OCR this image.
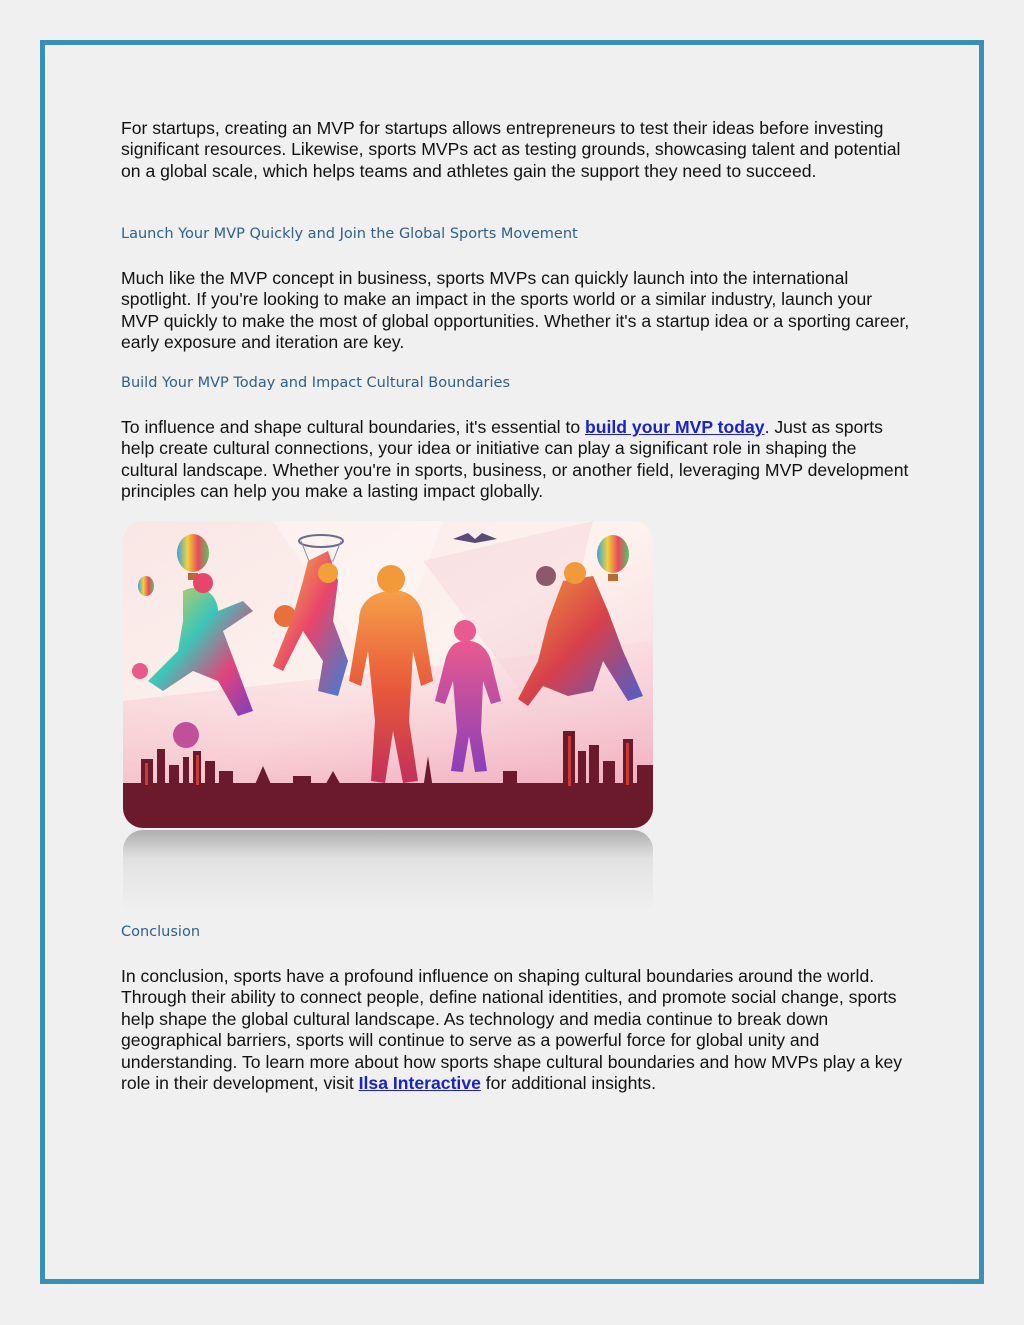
For startups, creating an MVP for startups allows entrepreneurs to test their ideas before investing significant resources. Likewise, sports MVPs act as testing grounds, showcasing talent and potential on a global scale, which helps teams and athletes gain the support they need to succeed.

Launch Your MVP Quickly and Join the Global Sports Movement

Much like the MVP concept in business, sports MVPs can quickly launch into the international spotlight. If you're looking to make an impact in the sports world or a similar industry, launch your MVP quickly to make the most of global opportunities. Whether it's a startup idea or a sporting career, early exposure and iteration are key.

Build Your MVP Today and Impact Cultural Boundaries

To influence and shape cultural boundaries, it's essential to build your MVP today. Just as sports help create cultural connections, your idea or initiative can play a significant role in shaping the cultural landscape. Whether you're in sports, business, or another field, leveraging MVP development principles can help you make a lasting impact globally.

Conclusion

In conclusion, sports have a profound influence on shaping cultural boundaries around the world. Through their ability to connect people, define national identities, and promote social change, sports help shape the global cultural landscape. As technology and media continue to break down geographical barriers, sports will continue to serve as a powerful force for global unity and understanding. To learn more about how sports shape cultural boundaries and how MVPs play a key role in their development, visit Ilsa Interactive for additional insights.
